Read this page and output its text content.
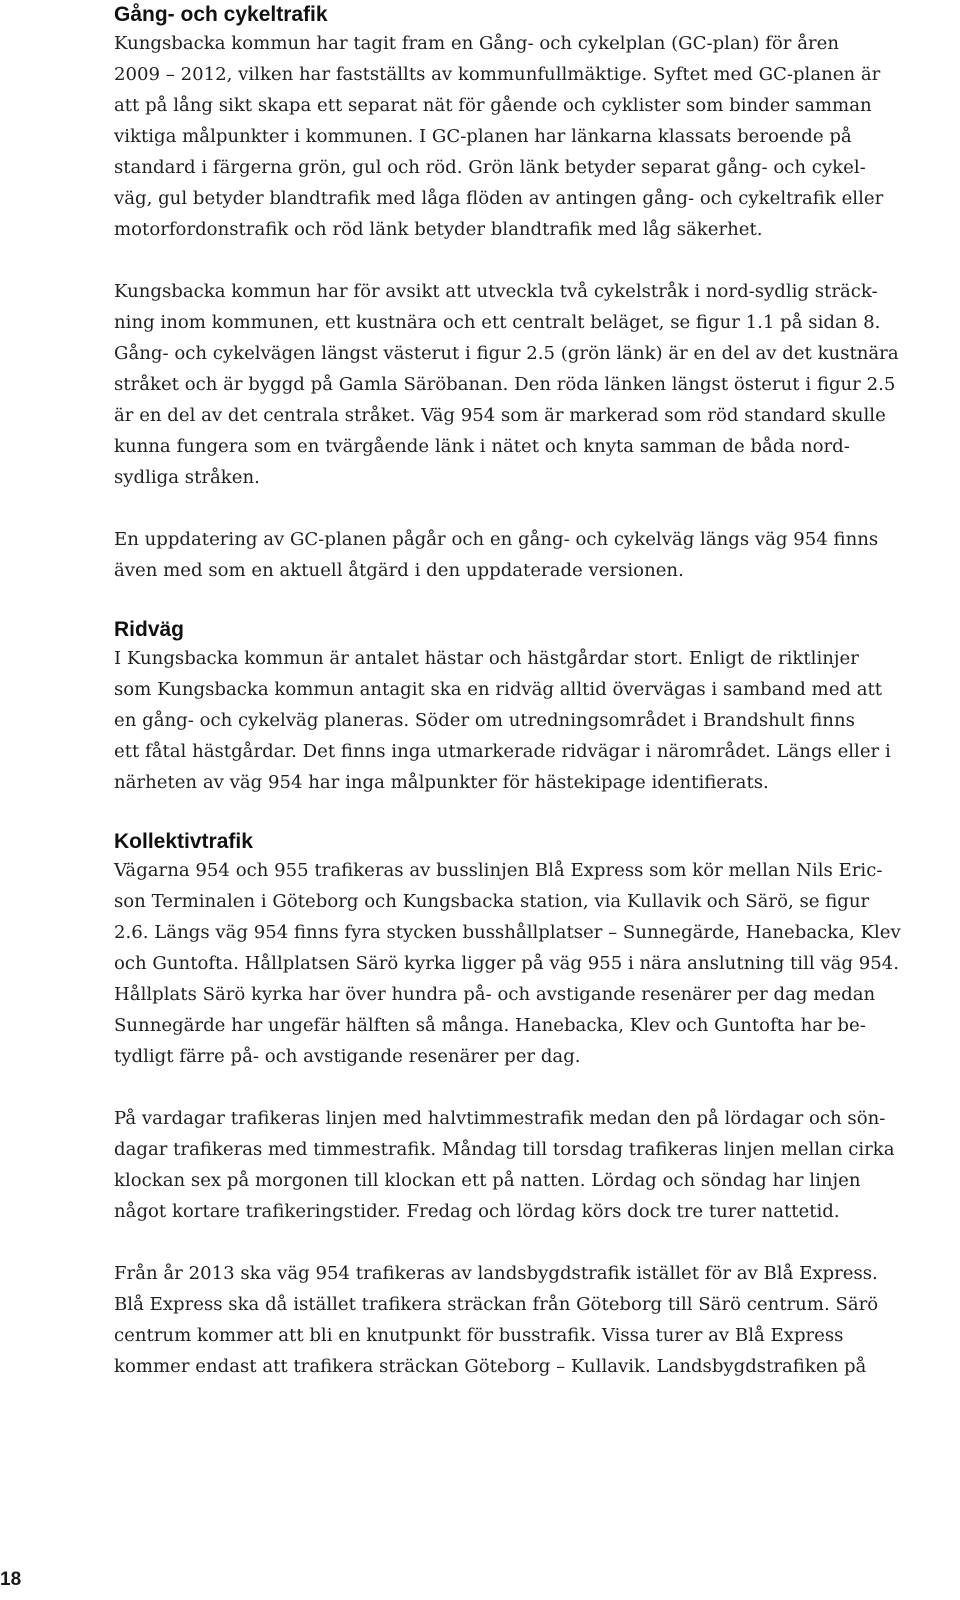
Gång- och cykeltrafik

Kungsbacka kommun har tagit fram en Gång- och cykelplan (GC-plan) för åren
2009 – 2012, vilken har fastställts av kommunfullmäktige. Syftet med GC-planen är
att på lång sikt skapa ett separat nät för gående och cyklister som binder samman
viktiga målpunkter i kommunen. I GC-planen har länkarna klassats beroende på
standard i färgerna grön, gul och röd. Grön länk betyder separat gång- och cykel-
väg, gul betyder blandtrafik med låga flöden av antingen gång- och cykeltrafik eller
motorfordonstrafik och röd länk betyder blandtrafik med låg säkerhet.

Kungsbacka kommun har för avsikt att utveckla två cykelstråk i nord-sydlig sträck-
ning inom kommunen, ett kustnära och ett centralt beläget, se figur 1.1 på sidan 8.
Gång- och cykelvägen längst västerut i figur 2.5 (grön länk) är en del av det kustnära
stråket och är byggd på Gamla Säröbanan. Den röda länken längst österut i figur 2.5
är en del av det centrala stråket. Väg 954 som är markerad som röd standard skulle
kunna fungera som en tvärgående länk i nätet och knyta samman de båda nord-
sydliga stråken.

En uppdatering av GC-planen pågår och en gång- och cykelväg längs väg 954 finns
även med som en aktuell åtgärd i den uppdaterade versionen.

Ridväg

I Kungsbacka kommun är antalet hästar och hästgårdar stort. Enligt de riktlinjer
som Kungsbacka kommun antagit ska en ridväg alltid övervägas i samband med att
en gång- och cykelväg planeras. Söder om utredningsområdet i Brandshult finns
ett fåtal hästgårdar. Det finns inga utmarkerade ridvägar i närområdet. Längs eller i
närheten av väg 954 har inga målpunkter för hästekipage identifierats.

Kollektivtrafik

Vägarna 954 och 955 trafikeras av busslinjen Blå Express som kör mellan Nils Eric-
son Terminalen i Göteborg och Kungsbacka station, via Kullavik och Särö, se figur
2.6. Längs väg 954 finns fyra stycken busshållplatser – Sunnegärde, Hanebacka, Klev
och Guntofta. Hållplatsen Särö kyrka ligger på väg 955 i nära anslutning till väg 954.
Hållplats Särö kyrka har över hundra på- och avstigande resenärer per dag medan
Sunnegärde har ungefär hälften så många. Hanebacka, Klev och Guntofta har be-
tydligt färre på- och avstigande resenärer per dag.

På vardagar trafikeras linjen med halvtimmestrafik medan den på lördagar och sön-
dagar trafikeras med timmestrafik. Måndag till torsdag trafikeras linjen mellan cirka
klockan sex på morgonen till klockan ett på natten. Lördag och söndag har linjen
något kortare trafikeringstider. Fredag och lördag körs dock tre turer nattetid.

Från år 2013 ska väg 954 trafikeras av landsbygdstrafik istället för av Blå Express.
Blå Express ska då istället trafikera sträckan från Göteborg till Särö centrum. Särö
centrum kommer att bli en knutpunkt för busstrafik. Vissa turer av Blå Express
kommer endast att trafikera sträckan Göteborg – Kullavik. Landsbygdstrafiken på

18
